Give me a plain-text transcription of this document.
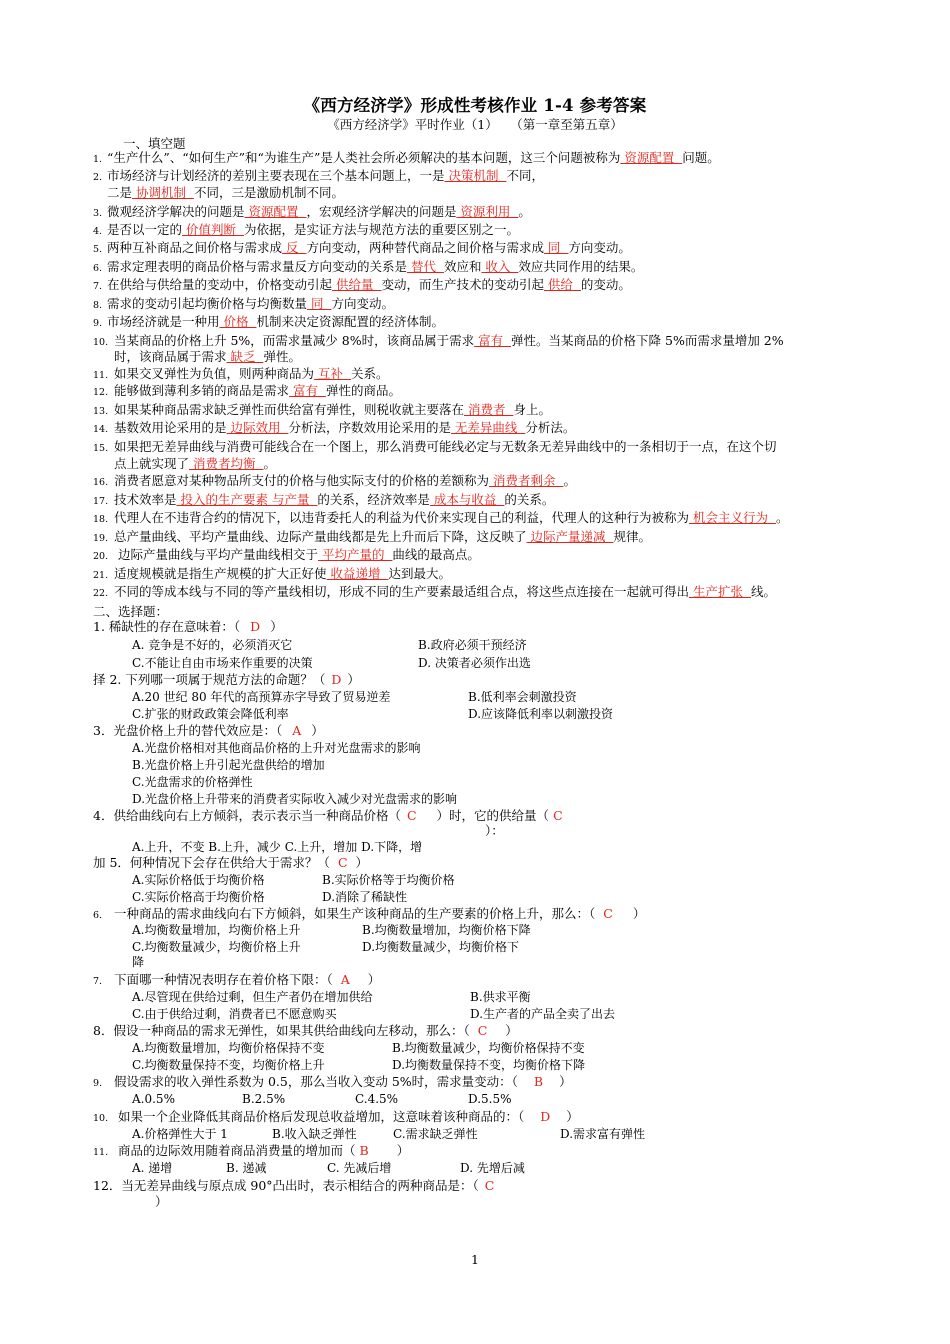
《西方经济学》形成性考核作业 1-4 参考答案
《西方经济学》平时作业（1）　　（第一章至第五章）
一、填空题
1. “生产什么”、“如何生产”和“为谁生产”是人类社会所必须解决的基本问题，这三个问题被称为 资源配置  问题。
2. 市场经济与计划经济的差别主要表现在三个基本问题上，一是 决策机制  不同，
二是 协调机制  不同，三是激励机制不同。
3. 微观经济学解决的问题是 资源配置  ，宏观经济学解决的问题是 资源利用  。
4. 是否以一定的 价值判断  为依据，是实证方法与规范方法的重要区别之一。
5. 两种互补商品之间价格与需求成 反  方向变动，两种替代商品之间价格与需求成 同  方向变动。
6. 需求定理表明的商品价格与需求量反方向变动的关系是 替代  效应和 收入  效应共同作用的结果。
7. 在供给与供给量的变动中，价格变动引起 供给量  变动，而生产技术的变动引起 供给  的变动。
8. 需求的变动引起均衡价格与均衡数量 同  方向变动。
9. 市场经济就是一种用 价格  机制来决定资源配置的经济体制。
10. 当某商品的价格上升 5%，而需求量减少 8%时，该商品属于需求 富有  弹性。当某商品的价格下降 5%而需求量增加 2%
时，该商品属于需求 缺乏  弹性。
11. 如果交叉弹性为负值，则两种商品为 互补  关系。
12. 能够做到薄利多销的商品是需求 富有  弹性的商品。
13. 如果某种商品需求缺乏弹性而供给富有弹性，则税收就主要落在 消费者  身上。
14. 基数效用论采用的是 边际效用  分析法，序数效用论采用的是 无差异曲线  分析法。
15. 如果把无差异曲线与消费可能线合在一个图上，那么消费可能线必定与无数条无差异曲线中的一条相切于一点，在这个切
点上就实现了 消费者均衡  。
16. 消费者愿意对某种物品所支付的价格与他实际支付的价格的差额称为 消费者剩余  。
17. 技术效率是 投入的生产要素 与产量  的关系，经济效率是 成本与收益  的关系。
18. 代理人在不违背合约的情况下，以违背委托人的利益为代价来实现自己的利益，代理人的这种行为被称为 机会主义行为  。
19. 总产量曲线、平均产量曲线、边际产量曲线都是先上升而后下降，这反映了 边际产量递减  规律。
20. 边际产量曲线与平均产量曲线相交于 平均产量的  曲线的最高点。
21. 适度规模就是指生产规模的扩大正好使 收益递增  达到最大。
22. 不同的等成本线与不同的等产量线相切，形成不同的生产要素最适组合点，将这些点连接在一起就可得出 生产扩张  线。
二、选择题：
1. 稀缺性的存在意味着：（ D ）
A. 竞争是不好的，必须消灭它	B.政府必须干预经济
C.不能让自由市场来作重要的决策	D. 决策者必须作出选
择 2. 下列哪一项属于规范方法的命题？（ D ）
A.20 世纪 80 年代的高预算赤字导致了贸易逆差	B.低利率会刺激投资
C.扩张的财政政策会降低利率	D.应该降低利率以刺激投资
3．光盘价格上升的替代效应是：（ A ）
A.光盘价格相对其他商品价格的上升对光盘需求的影响
B.光盘价格上升引起光盘供给的增加
C.光盘需求的价格弹性
D.光盘价格上升带来的消费者实际收入减少对光盘需求的影响
4．供给曲线向右上方倾斜，表示表示当一种商品价格（ C ）时，它的供给量（ C
）：
A.上升，不变 B.上升，减少 C.上升，增加 D.下降，增
加 5．何种情况下会存在供给大于需求？（ C ）
A.实际价格低于均衡价格	B.实际价格等于均衡价格
C.实际价格高于均衡价格	D.消除了稀缺性
6. 一种商品的需求曲线向右下方倾斜，如果生产该种商品的生产要素的价格上升，那么：（ C ）
A.均衡数量增加，均衡价格上升	B.均衡数量增加，均衡价格下降
C.均衡数量减少，均衡价格上升	D.均衡数量减少，均衡价格下
降
7. 下面哪一种情况表明存在着价格下限：（ A ）
A.尽管现在供给过剩，但生产者仍在增加供给	B.供求平衡
C.由于供给过剩，消费者已不愿意购买	D.生产者的产品全卖了出去
8．假设一种商品的需求无弹性，如果其供给曲线向左移动，那么：（ C ）
A.均衡数量增加，均衡价格保持不变	B.均衡数量减少，均衡价格保持不变
C.均衡数量保持不变，均衡价格上升	D.均衡数量保持不变，均衡价格下降
9. 假设需求的收入弹性系数为 0.5，那么当收入变动 5%时，需求量变动：（ B ）
A.0.5%	B.2.5%	C.4.5%	D.5.5%
10. 如果一个企业降低其商品价格后发现总收益增加，这意味着该种商品的：（ D ）
A.价格弹性大于 1	B.收入缺乏弹性	C.需求缺乏弹性	D.需求富有弹性
11. 商品的边际效用随着商品消费量的增加而（ B ）
A. 递增	B. 递减	C. 先减后增	D. 先增后减
12．当无差异曲线与原点成 90°凸出时，表示相结合的两种商品是：（ C
）
1
